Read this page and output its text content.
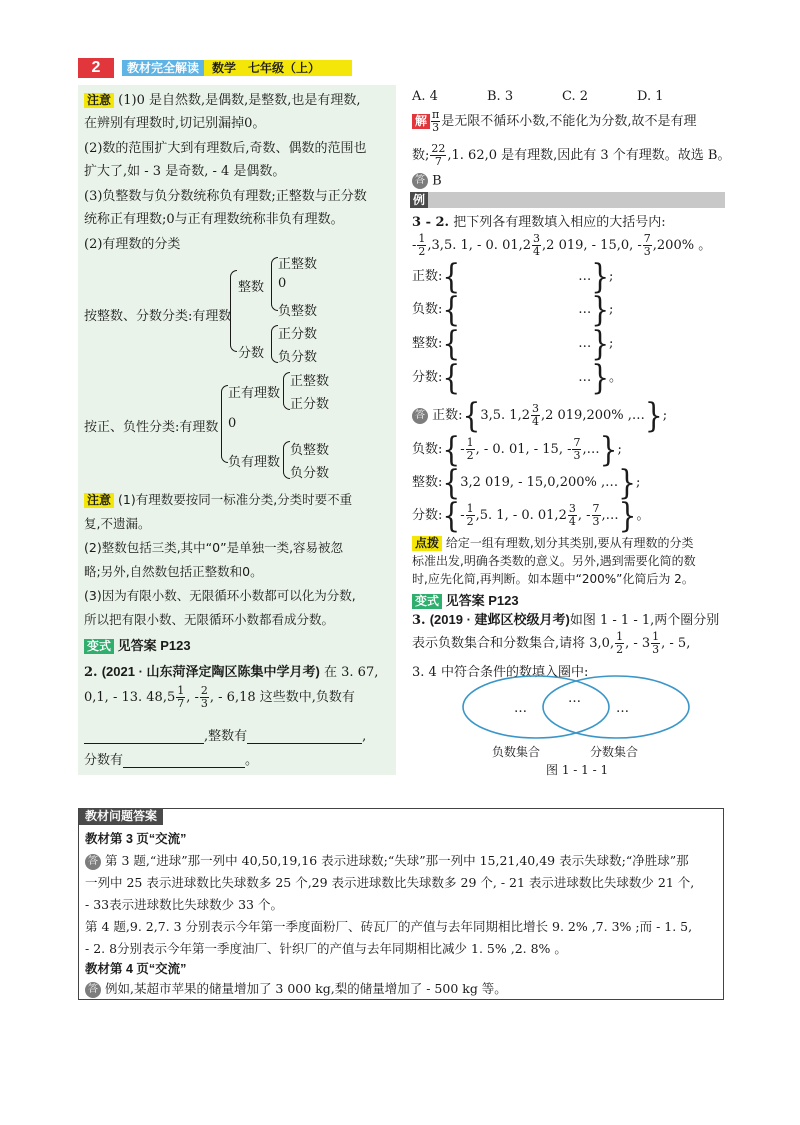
2	教材完全解读	数学　七年级（上）
注意 (1)0 是自然数,是偶数,是整数,也是有理数,
在辨别有理数时,切记别漏掉0。
(2)数的范围扩大到有理数后,奇数、偶数的范围也
扩大了,如 - 3 是奇数, - 4 是偶数。
(3)负整数与负分数统称负有理数;正整数与正分数
统称正有理数;0与正有理数统称非负有理数。
(2)有理数的分类
按整数、分数分类:有理数
整数
分数
正整数
0
负整数
正分数
负分数
按正、负性分类:有理数
正有理数
0
负有理数
正整数
正分数
负整数
负分数
注意 (1)有理数要按同一标准分类,分类时要不重
复,不遗漏。
(2)整数包括三类,其中“0”是单独一类,容易被忽
略;另外,自然数包括正整数和0。
(3)因为有限小数、无限循环小数都可以化为分数,
所以把有限小数、无限循环小数都看成分数。
变式 见答案 P123
2. (2021 · 山东菏泽定陶区陈集中学月考) 在 3. 67,
0,1, - 13. $48,5 \frac{1}{7}$ , - $\frac{2}{3}$ , - 6,18 这些数中,负数有
,整数有	,
分数有	。
A. 4	B. 3	C. 2	D. 1
解 $\frac{\pi}{3}$ 是无限不循环小数,不能化为分数,故不是有理
数; $\frac{22}{7} ,1$. 62,0 是有理数,因此有 3 个有理数。故选 B。
答 B
例
3 - 2. 把下列各有理数填入相应的大括号内:
- $\frac{1}{2} ,3,5$. 1, - 0. $01,2 \frac{3}{4} ,2$ 019, - 15,0, - $\frac{7}{3} ,200\%$ 。
正数:{	…};
负数:{	…};
整数:{	…};
分数:{	…}。
答 正数:{3,5. $1,2 \frac{3}{4} ,2$ 019,200% ,…};
负数:{- $\frac{1}{2}$ , - 0. 01, - 15, - $\frac{7}{3}$ ,…};
整数:{3,2 019, - 15,0,200% ,…};
分数:{- $\frac{1}{2} ,5$. 1, - 0. $01,2 \frac{3}{4}$ , - $\frac{7}{3}$ ,…}。
点拨 给定一组有理数,划分其类别,要从有理数的分类
标准出发,明确各类数的意义。另外,遇到需要化简的数
时,应先化简,再判断。如本题中“200%”化简后为 2。
变式 见答案 P123
3. (2019 · 建邺区校级月考)如图 1 - 1 - 1,两个圈分别
表示负数集合和分数集合,请将 3,0, $\frac{1}{2}$ , - $3 \frac{1}{3}$ , - 5,
3. 4 中符合条件的数填入圈中:
…
…
…
负数集合	分数集合
图 1 - 1 - 1
教材问题答案
教材第 3 页“交流”
答 第 3 题,“进球”那一列中 40,50,19,16 表示进球数;“失球”那一列中 15,21,40,49 表示失球数;“净胜球”那
一列中 25 表示进球数比失球数多 25 个,29 表示进球数比失球数多 29 个, - 21 表示进球数比失球数少 21 个,
- 33表示进球数比失球数少 33 个。
第 4 题,9. 2,7. 3 分别表示今年第一季度面粉厂、砖瓦厂的产值与去年同期相比增长 9. 2% ,7. 3% ;而 - 1. 5,
- 2. 8分别表示今年第一季度油厂、针织厂的产值与去年同期相比减少 1. 5% ,2. 8% 。
教材第 4 页“交流”
答 例如,某超市苹果的储量增加了 3 000 kg,梨的储量增加了 - 500 kg 等。
